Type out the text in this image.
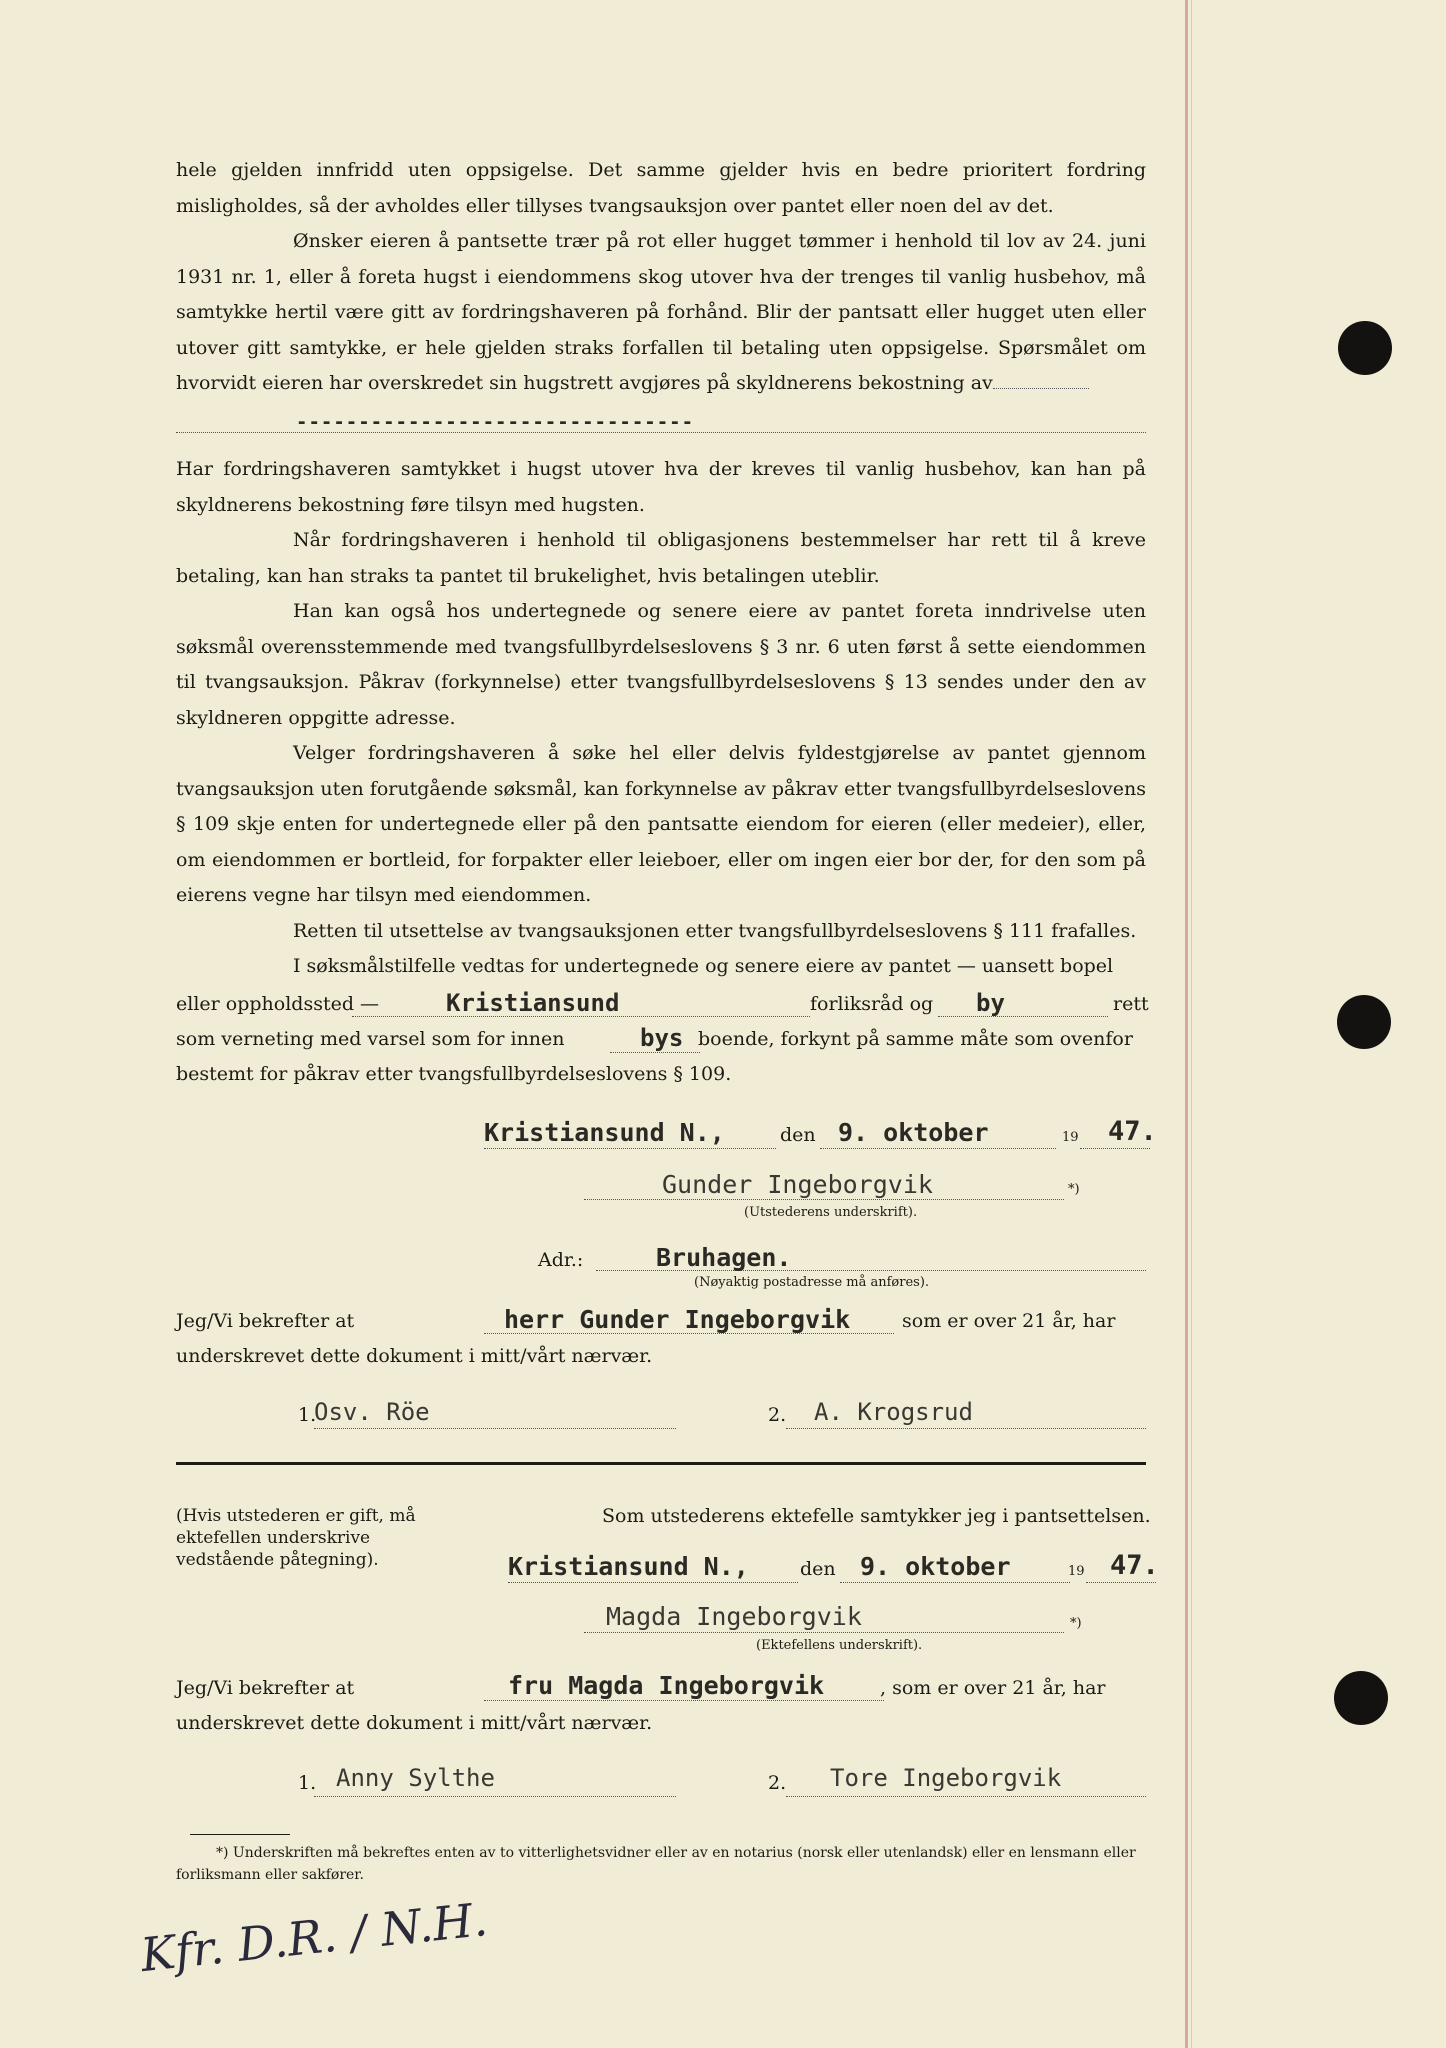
hele gjelden innfridd uten oppsigelse. Det samme gjelder hvis en bedre prioritert fordring misligholdes, så der avholdes eller tillyses tvangsauksjon over pantet eller noen del av det.

Ønsker eieren å pantsette trær på rot eller hugget tømmer i henhold til lov av 24. juni 1931 nr. 1, eller å foreta hugst i eiendommens skog utover hva der trenges til vanlig husbehov, må samtykke hertil være gitt av fordringshaveren på forhånd. Blir der pantsatt eller hugget uten eller utover gitt samtykke, er hele gjelden straks forfallen til betaling uten oppsigelse. Spørsmålet om hvorvidt eieren har overskredet sin hugstrett avgjøres på skyldnerens bekostning av

--------------------------------

Har fordringshaveren samtykket i hugst utover hva der kreves til vanlig husbehov, kan han på skyldnerens bekostning føre tilsyn med hugsten.

Når fordringshaveren i henhold til obligasjonens bestemmelser har rett til å kreve betaling, kan han straks ta pantet til brukelighet, hvis betalingen uteblir.

Han kan også hos undertegnede og senere eiere av pantet foreta inndrivelse uten søksmål overensstemmende med tvangsfullbyrdelseslovens § 3 nr. 6 uten først å sette eiendommen til tvangsauksjon. Påkrav (forkynnelse) etter tvangsfullbyrdelseslovens § 13 sendes under den av skyldneren oppgitte adresse.

Velger fordringshaveren å søke hel eller delvis fyldestgjørelse av pantet gjennom tvangsauksjon uten forutgående søksmål, kan forkynnelse av påkrav etter tvangsfullbyrdelseslovens § 109 skje enten for undertegnede eller på den pantsatte eiendom for eieren (eller medeier), eller, om eiendommen er bortleid, for forpakter eller leieboer, eller om ingen eier bor der, for den som på eierens vegne har tilsyn med eiendommen.

Retten til utsettelse av tvangsauksjonen etter tvangsfullbyrdelseslovens § 111 frafalles.

I søksmålstilfelle vedtas for undertegnede og senere eiere av pantet — uansett bopel

eller oppholdssted —	Kristiansund	forliksråd og by	rett
som verneting med varsel som for innen	bys boende, forkynt på samme måte som ovenfor
bestemt for påkrav etter tvangsfullbyrdelseslovens § 109.
Kristiansund N.,	den 9. oktober	19 47.
Gunder Ingeborgvik	*)
(Utstederens underskrift).
Adr.:	Bruhagen.
(Nøyaktig postadresse må anføres).
Jeg/Vi bekrefter at	herr Gunder Ingeborgvik	som er over 21 år, har
underskrevet dette dokument i mitt/vårt nærvær.
1.
Osv. Röe	2. A. Krogsrud
(Hvis utstederen er gift, må ektefellen underskrive vedstående påtegning).
Som utstederens ektefelle samtykker jeg i pantsettelsen.
Kristiansund N.,	den 9. oktober	19 47.
Magda Ingeborgvik	*)
(Ektefellens underskrift).
Jeg/Vi bekrefter at	fru Magda Ingeborgvik	, som er over 21 år, har
underskrevet dette dokument i mitt/vårt nærvær.
1. Anny Sylthe	2. Tore Ingeborgvik
*) Underskriften må bekreftes enten av to vitterlighetsvidner eller av en notarius (norsk eller utenlandsk) eller en lensmann eller forliksmann eller sakfører.
Kfr. D.R. / N.H.
